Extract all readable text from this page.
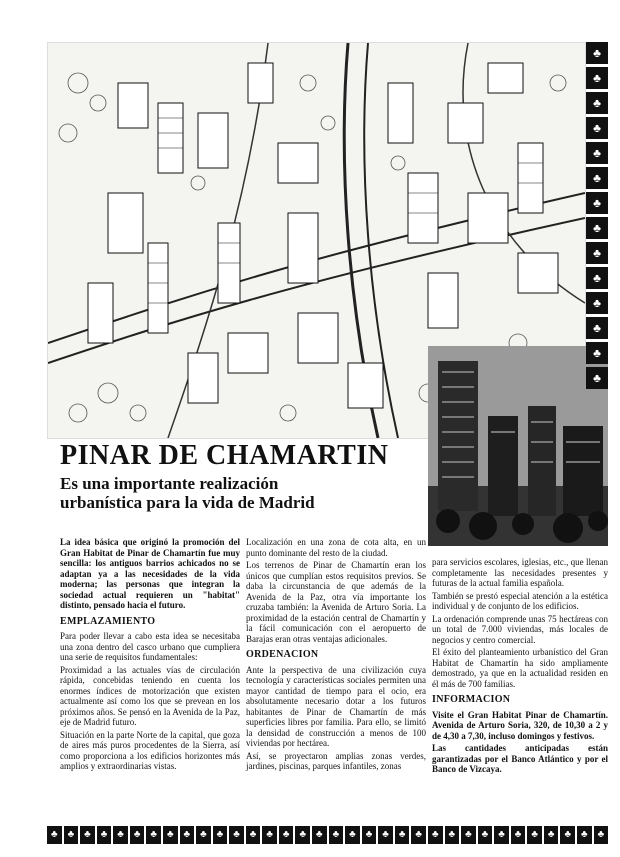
♣
♣
♣
♣
♣
♣
♣
♣
♣
♣
♣
♣
♣
♣
♣ ♣ ♣ ♣ ♣ ♣ ♣ ♣ ♣ ♣ ♣ ♣ ♣ ♣ ♣ ♣ ♣ ♣ ♣ ♣ ♣ ♣ ♣ ♣ ♣ ♣ ♣ ♣ ♣ ♣ ♣ ♣ ♣ ♣
PINAR DE CHAMARTIN
Es una importante realización
urbanística para la vida de Madrid

La idea básica que originó la promoción del Gran Habitat de Pinar de Chamartín fue muy sencilla: los antiguos barrios achicados no se adaptan ya a las necesidades de la vida moderna; las personas que integran la sociedad actual requieren un "habitat" distinto, pensado hacia el futuro.

EMPLAZAMIENTO

Para poder llevar a cabo esta idea se necesitaba una zona dentro del casco urbano que cumpliera una serie de requisitos fundamentales:

Proximidad a las actuales vías de circulación rápida, concebidas teniendo en cuenta los enormes índices de motorización que existen actualmente así como los que se prevean en los próximos años. Se pensó en la Avenida de la Paz, eje de Madrid futuro.

Situación en la parte Norte de la capital, que goza de aires más puros procedentes de la Sierra, así como proporciona a los edificios horizontes más amplios y extraordinarias vistas.

Localización en una zona de cota alta, en un punto dominante del resto de la ciudad.

Los terrenos de Pinar de Chamartín eran los únicos que cumplían estos requisitos previos. Se daba la circunstancia de que además de la Avenida de la Paz, otra vía importante los cruzaba también: la Avenida de Arturo Soria. La proximidad de la estación central de Chamartín y la fácil comunicación con el aeropuerto de Barajas eran otras ventajas adicionales.

ORDENACION

Ante la perspectiva de una civilización cuya tecnología y características sociales permiten una mayor cantidad de tiempo para el ocio, era absolutamente necesario dotar a los futuros habitantes de Pinar de Chamartín de más superficies libres por familia. Para ello, se limitó la densidad de construcción a menos de 100 viviendas por hectárea.

Así, se proyectaron amplias zonas verdes, jardines, piscinas, parques infantiles, zonas

para servicios escolares, iglesias, etc., que llenan completamente las necesidades presentes y futuras de la actual familia española.

También se prestó especial atención a la estética individual y de conjunto de los edificios.

La ordenación comprende unas 75 hectáreas con un total de 7.000 viviendas, más locales de negocios y centro comercial.

El éxito del planteamiento urbanístico del Gran Habitat de Chamartín ha sido ampliamente demostrado, ya que en la actualidad residen en él más de 700 familias.

INFORMACION

Visite el Gran Habitat Pinar de Chamartín. Avenida de Arturo Soria, 320, de 10,30 a 2 y de 4,30 a 7,30, incluso domingos y festivos.

Las cantidades anticipadas están garantizadas por el Banco Atlántico y por el Banco de Vizcaya.
